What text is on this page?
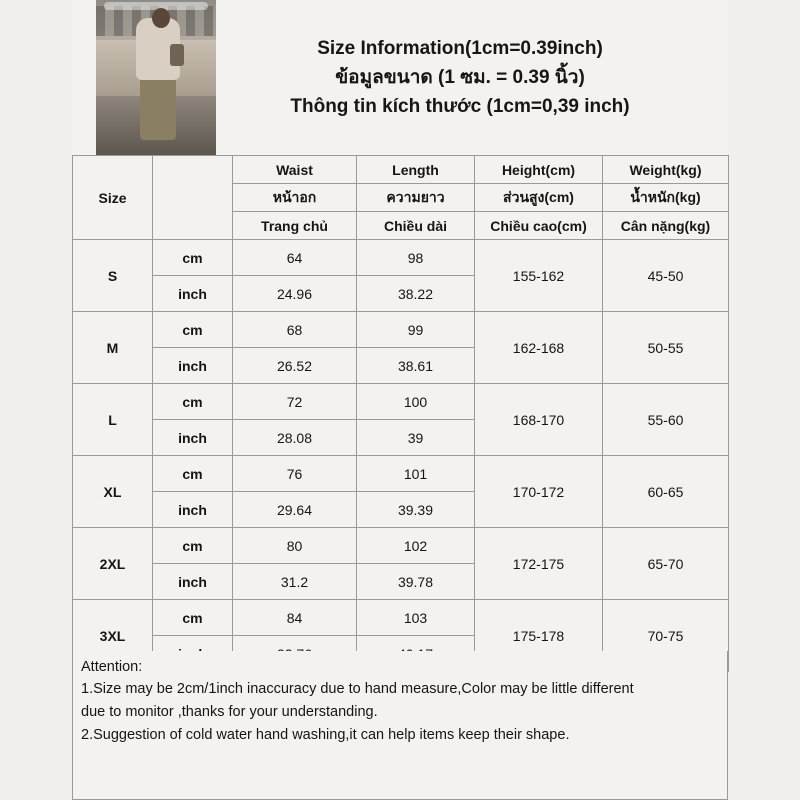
Size Information(1cm=0.39inch)
ข้อมูลขนาด (1 ซม. = 0.39 นิ้ว)
Thông tin kích thước (1cm=0,39 inch)
Size		Waist	Length	Height(cm)	Weight(kg)
		หน้าอก	ความยาว	ส่วนสูง(cm)	น้ำหนัก(kg)
		Trang chủ	Chiều dài	Chiều cao(cm)	Cân nặng(kg)
S	cm	64	98	155-162	45-50
	inch	24.96	38.22		
M	cm	68	99	162-168	50-55
	inch	26.52	38.61		
L	cm	72	100	168-170	55-60
	inch	28.08	39		
XL	cm	76	101	170-172	60-65
	inch	29.64	39.39		
2XL	cm	80	102	172-175	65-70
	inch	31.2	39.78		
3XL	cm	84	103	175-178	70-75

Attention:

1.Size may be 2cm/1inch inaccuracy due to hand measure,Color may be little different

due to monitor ,thanks for your understanding.

2.Suggestion of cold water hand washing,it can help items keep their shape.
